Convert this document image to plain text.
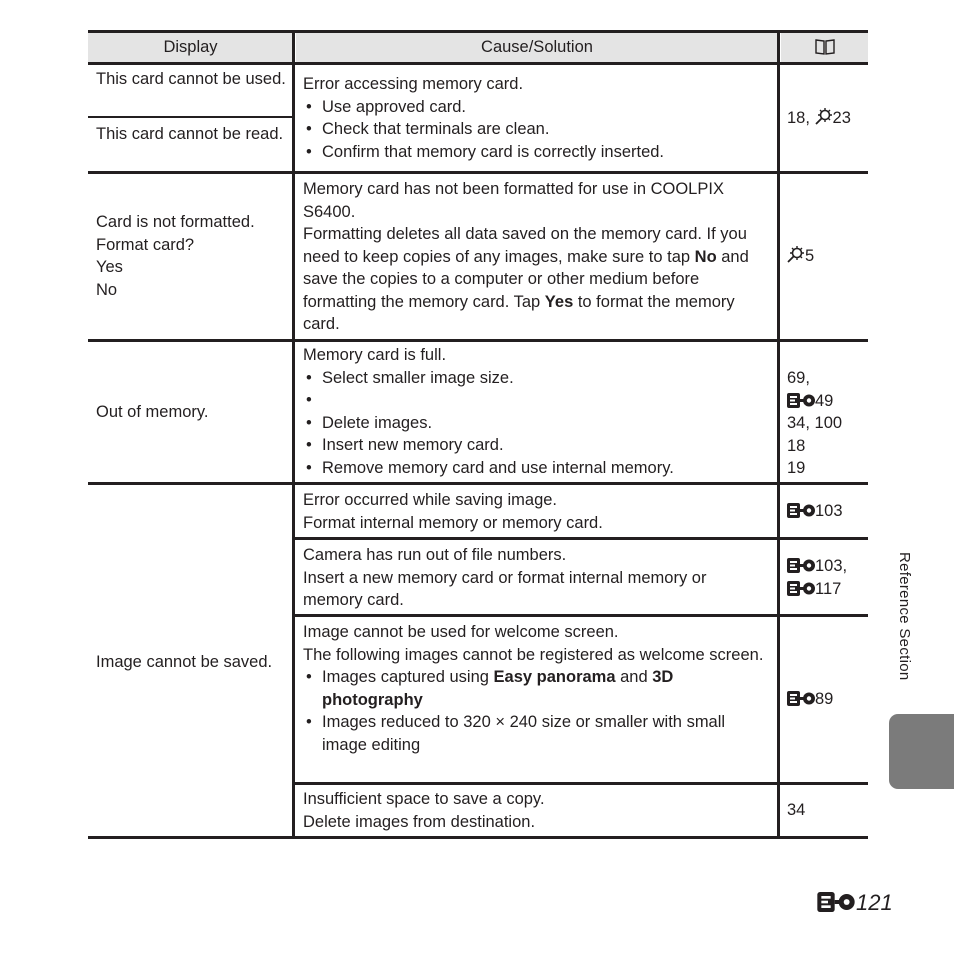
Display	Cause/Solution
This card cannot be used.
This card cannot be read.
Error accessing memory card.
• Use approved card.
• Check that terminals are clean.
• Confirm that memory card is correctly inserted.
18, 23
Card is not formatted.
Format card?
Yes
No
Memory card has not been formatted for use in COOLPIX S6400.
Formatting deletes all data saved on the memory card. If you need to keep copies of any images, make sure to tap No and save the copies to a computer or other medium before formatting the memory card. Tap Yes to format the memory card.
5
Out of memory.
Memory card is full.
• Select smaller image size.
•
• Delete images.
• Insert new memory card.
• Remove memory card and use internal memory.
69,
49
34, 100
18
19
Image cannot be saved.
Error occurred while saving image.
Format internal memory or memory card.
103
Camera has run out of file numbers.
Insert a new memory card or format internal memory or memory card.
103,
117
Image cannot be used for welcome screen.
The following images cannot be registered as welcome screen.
• Images captured using Easy panorama and 3D photography
• Images reduced to 320 × 240 size or smaller with small image editing
89
Insufficient space to save a copy.
Delete images from destination.
34
Reference Section
121
